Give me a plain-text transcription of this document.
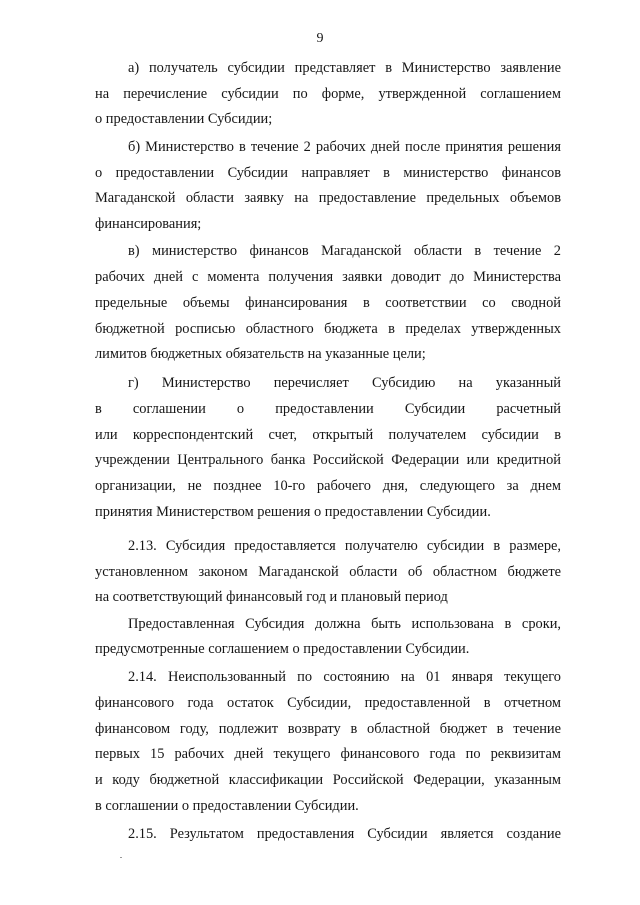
9
а) получатель субсидии представляет в Министерство заявление
на перечисление субсидии по форме, утвержденной соглашением
о предоставлении Субсидии;
б) Министерство в течение 2 рабочих дней после принятия решения
о предоставлении Субсидии направляет в министерство финансов
Магаданской области заявку на предоставление предельных объемов
финансирования;
в) министерство финансов Магаданской области в течение 2
рабочих дней с момента получения заявки доводит до Министерства
предельные объемы финансирования в соответствии со сводной
бюджетной росписью областного бюджета в пределах утвержденных
лимитов бюджетных обязательств на указанные цели;
г) Министерство перечисляет Субсидию на указанный
в соглашении о предоставлении Субсидии расчетный
или корреспондентский счет, открытый получателем субсидии в
учреждении Центрального банка Российской Федерации или кредитной
организации, не позднее 10-го рабочего дня, следующего за днем
принятия Министерством решения о предоставлении Субсидии.
2.13. Субсидия предоставляется получателю субсидии в размере,
установленном законом Магаданской области об областном бюджете
на соответствующий финансовый год и плановый период
Предоставленная Субсидия должна быть использована в сроки,
предусмотренные соглашением о предоставлении Субсидии.
2.14. Неиспользованный по состоянию на 01 января текущего
финансового года остаток Субсидии, предоставленной в отчетном
финансовом году, подлежит возврату в областной бюджет в течение
первых 15 рабочих дней текущего финансового года по реквизитам
и коду бюджетной классификации Российской Федерации, указанным
в соглашении о предоставлении Субсидии.
2.15. Результатом предоставления Субсидии является создание
